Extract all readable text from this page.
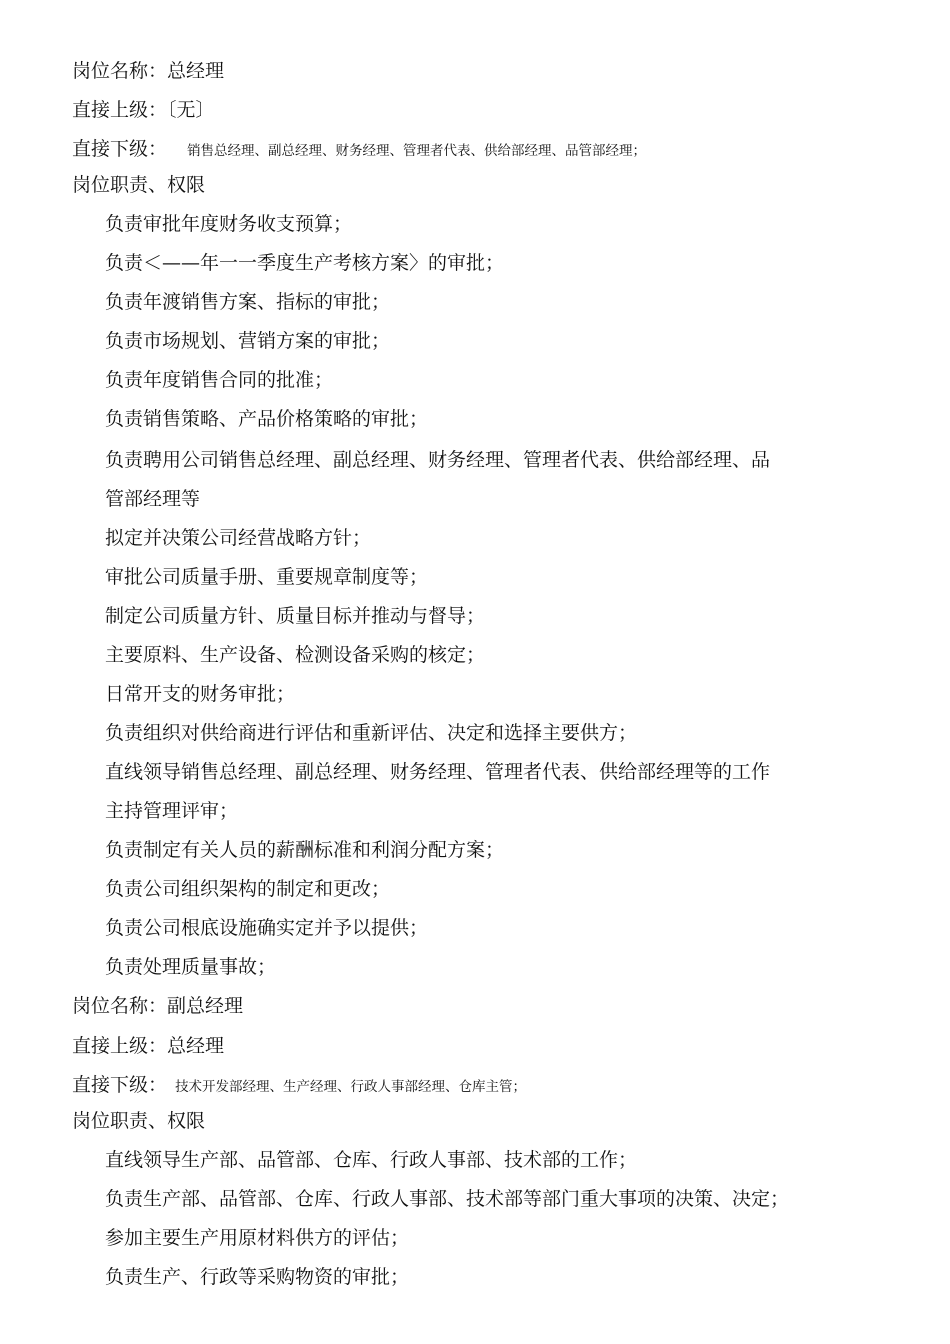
岗位名称：总经理
直接上级：〔无〕
直接下级： 销售总经理、副总经理、财务经理、管理者代表、供给部经理、品管部经理；
岗位职责、权限
负责审批年度财务收支预算；
负责＜——年一一季度生产考核方案〉的审批；
负责年渡销售方案、指标的审批；
负责市场规划、营销方案的审批；
负责年度销售合同的批准；
负责销售策略、产品价格策略的审批；
负责聘用公司销售总经理、副总经理、财务经理、管理者代表、供给部经理、品
管部经理等
拟定并决策公司经营战略方针；
审批公司质量手册、重要规章制度等；
制定公司质量方针、质量目标并推动与督导；
主要原料、生产设备、检测设备采购的核定；
日常开支的财务审批；
负责组织对供给商进行评估和重新评估、决定和选择主要供方；
直线领导销售总经理、副总经理、财务经理、管理者代表、供给部经理等的工作
主持管理评审；
负责制定有关人员的薪酬标准和利润分配方案；
负责公司组织架构的制定和更改；
负责公司根底设施确实定并予以提供；
负责处理质量事故；
岗位名称：副总经理
直接上级：总经理
直接下级： 技术开发部经理、生产经理、行政人事部经理、仓库主管；
岗位职责、权限
直线领导生产部、品管部、仓库、行政人事部、技术部的工作；
负责生产部、品管部、仓库、行政人事部、技术部等部门重大事项的决策、决定；
参加主要生产用原材料供方的评估；
负责生产、行政等采购物资的审批；
